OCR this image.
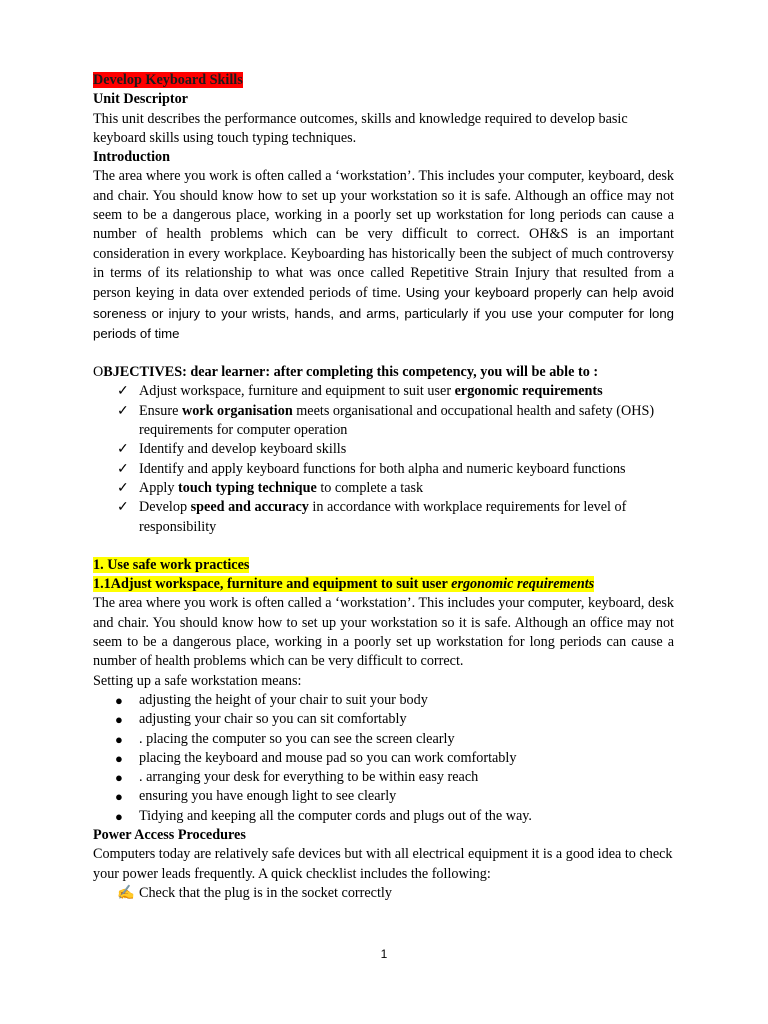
Develop Keyboard Skills

Unit Descriptor

This unit describes the performance outcomes, skills and knowledge required to develop basic keyboard skills using touch typing techniques.

Introduction

The area where you work is often called a ‘workstation’. This includes your computer, keyboard, desk and chair. You should know how to set up your workstation so it is safe. Although an office may not seem to be a dangerous place, working in a poorly set up workstation for long periods can cause a number of health problems which can be very difficult to correct. OH&S is an important consideration in every workplace. Keyboarding has historically been the subject of much controversy in terms of its relationship to what was once called Repetitive Strain Injury that resulted from a person keying in data over extended periods of time. Using your keyboard properly can help avoid soreness or injury to your wrists, hands, and arms, particularly if you use your computer for long periods of time

OBJECTIVES: dear learner: after completing this competency, you will be able to :

✓ Adjust workspace, furniture and equipment to suit user ergonomic requirements
✓ Ensure work organisation meets organisational and occupational health and safety (OHS) requirements for computer operation
✓ Identify and develop keyboard skills
✓ Identify and apply keyboard functions for both alpha and numeric keyboard functions
✓ Apply touch typing technique to complete a task
✓ Develop speed and accuracy in accordance with workplace requirements for level of responsibility

1. Use safe work practices

1.1Adjust workspace, furniture and equipment to suit user ergonomic requirements

The area where you work is often called a ‘workstation’. This includes your computer, keyboard, desk and chair. You should know how to set up your workstation so it is safe. Although an office may not seem to be a dangerous place, working in a poorly set up workstation for long periods can cause a number of health problems which can be very difficult to correct.

Setting up a safe workstation means:

●	adjusting the height of your chair to suit your body
●	adjusting your chair so you can sit comfortably
●	. placing the computer so you can see the screen clearly
●	placing the keyboard and mouse pad so you can work comfortably
●	. arranging your desk for everything to be within easy reach
●	ensuring you have enough light to see clearly
●	Tidying and keeping all the computer cords and plugs out of the way.

Power Access Procedures

Computers today are relatively safe devices but with all electrical equipment it is a good idea to check your power leads frequently. A quick checklist includes the following:

✍ Check that the plug is in the socket correctly
1
